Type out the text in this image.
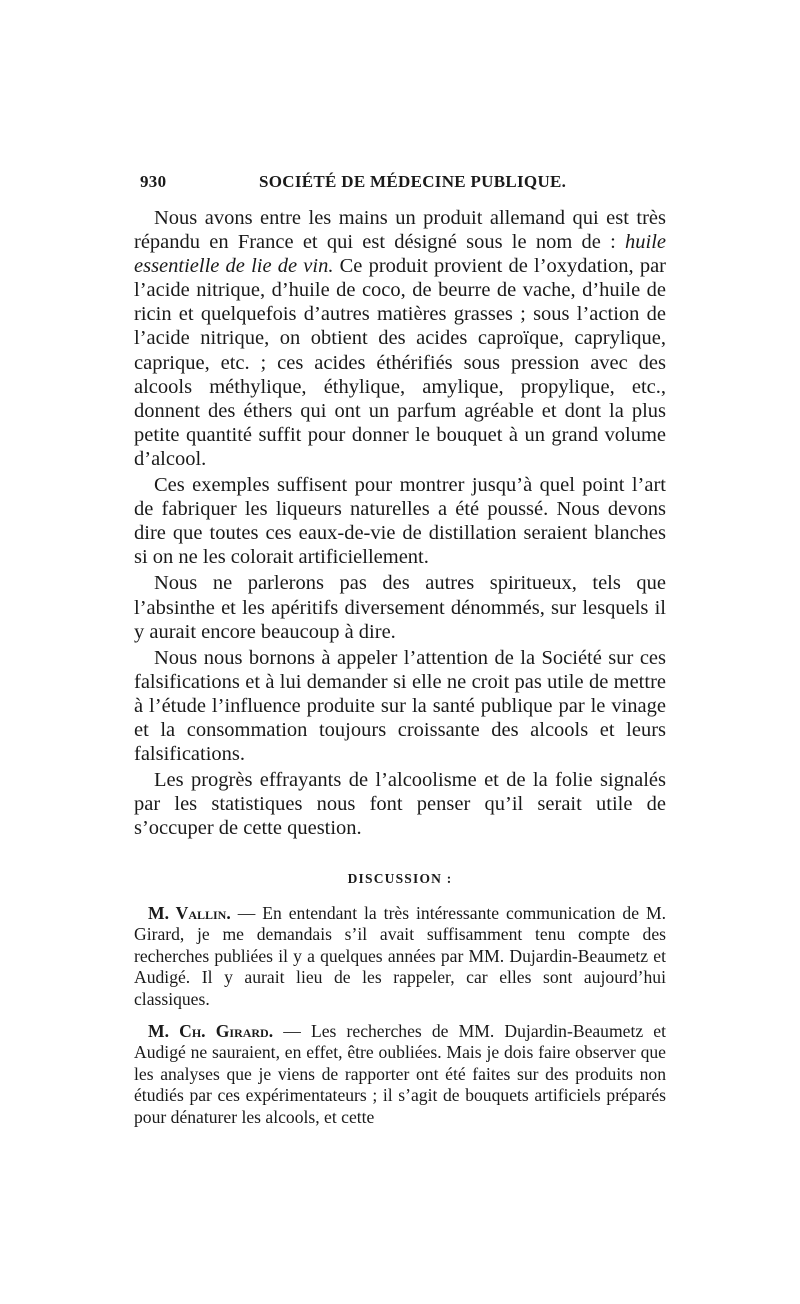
930	SOCIÉTÉ DE MÉDECINE PUBLIQUE.

Nous avons entre les mains un produit allemand qui est très répandu en France et qui est désigné sous le nom de : huile essentielle de lie de vin. Ce produit provient de l’oxydation, par l’acide nitrique, d’huile de coco, de beurre de vache, d’huile de ricin et quelquefois d’autres matières grasses ; sous l’action de l’acide nitrique, on obtient des acides caproïque, caprylique, caprique, etc. ; ces acides éthérifiés sous pression avec des alcools méthylique, éthylique, amylique, propylique, etc., donnent des éthers qui ont un parfum agréable et dont la plus petite quantité suffit pour donner le bouquet à un grand volume d’alcool.

Ces exemples suffisent pour montrer jusqu’à quel point l’art de fabriquer les liqueurs naturelles a été poussé. Nous devons dire que toutes ces eaux-de-vie de distillation seraient blanches si on ne les colorait artificiellement.

Nous ne parlerons pas des autres spiritueux, tels que l’absinthe et les apéritifs diversement dénommés, sur lesquels il y aurait encore beaucoup à dire.

Nous nous bornons à appeler l’attention de la Société sur ces falsifications et à lui demander si elle ne croit pas utile de mettre à l’étude l’influence produite sur la santé publique par le vinage et la consommation toujours croissante des alcools et leurs falsifications.

Les progrès effrayants de l’alcoolisme et de la folie signalés par les statistiques nous font penser qu’il serait utile de s’occuper de cette question.

DISCUSSION :

M. Vallin. — En entendant la très intéressante communication de M. Girard, je me demandais s’il avait suffisamment tenu compte des recherches publiées il y a quelques années par MM. Dujardin-Beaumetz et Audigé. Il y aurait lieu de les rappeler, car elles sont aujourd’hui classiques.

M. Ch. Girard. — Les recherches de MM. Dujardin-Beaumetz et Audigé ne sauraient, en effet, être oubliées. Mais je dois faire observer que les analyses que je viens de rapporter ont été faites sur des produits non étudiés par ces expérimentateurs ; il s’agit de bouquets artificiels préparés pour dénaturer les alcools, et cette
